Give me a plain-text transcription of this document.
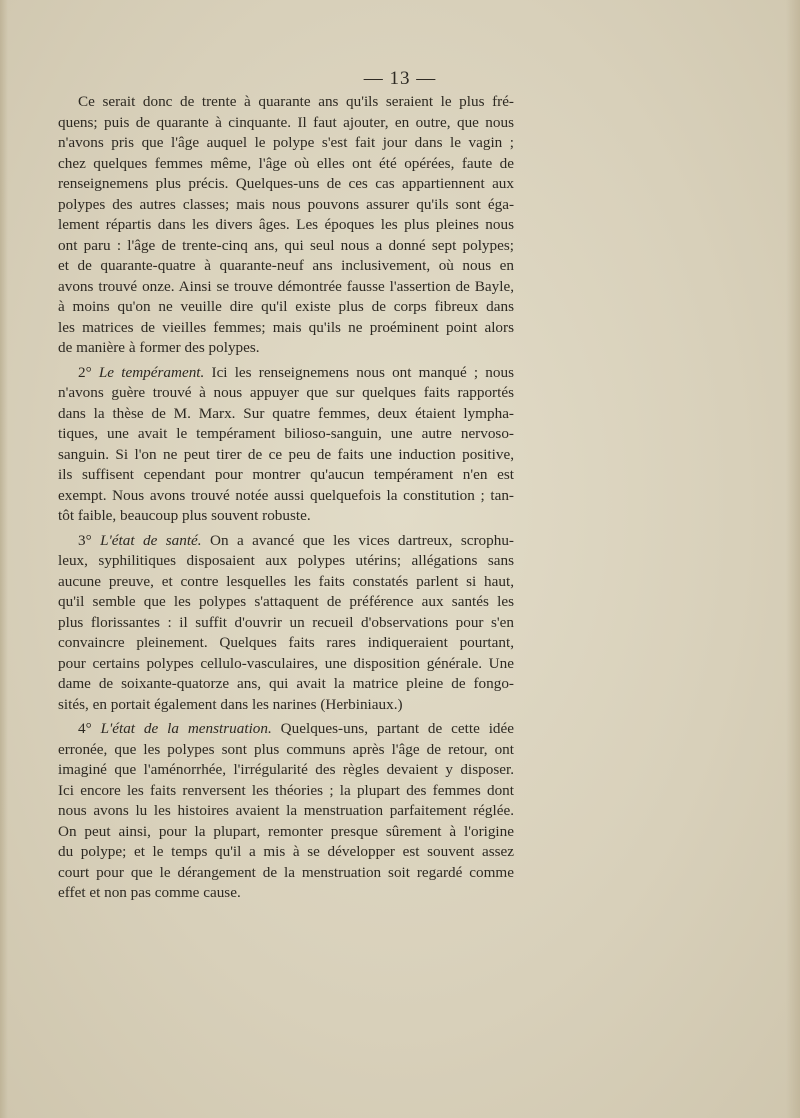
— 13 —

Ce serait donc de trente à quarante ans qu'ils seraient le plus fré-
quens; puis de quarante à cinquante. Il faut ajouter, en outre, que nous
n'avons pris que l'âge auquel le polype s'est fait jour dans le vagin ;
chez quelques femmes même, l'âge où elles ont été opérées, faute de
renseignemens plus précis. Quelques-uns de ces cas appartiennent aux
polypes des autres classes; mais nous pouvons assurer qu'ils sont éga-
lement répartis dans les divers âges. Les époques les plus pleines nous
ont paru : l'âge de trente-cinq ans, qui seul nous a donné sept polypes;
et de quarante-quatre à quarante-neuf ans inclusivement, où nous en
avons trouvé onze. Ainsi se trouve démontrée fausse l'assertion de Bayle,
à moins qu'on ne veuille dire qu'il existe plus de corps fibreux dans
les matrices de vieilles femmes; mais qu'ils ne proéminent point alors
de manière à former des polypes.

2° Le tempérament. Ici les renseignemens nous ont manqué ; nous
n'avons guère trouvé à nous appuyer que sur quelques faits rapportés
dans la thèse de M. Marx. Sur quatre femmes, deux étaient lympha-
tiques, une avait le tempérament bilioso-sanguin, une autre nervoso-
sanguin. Si l'on ne peut tirer de ce peu de faits une induction positive,
ils suffisent cependant pour montrer qu'aucun tempérament n'en est
exempt. Nous avons trouvé notée aussi quelquefois la constitution ; tan-
tôt faible, beaucoup plus souvent robuste.

3° L'état de santé. On a avancé que les vices dartreux, scrophu-
leux, syphilitiques disposaient aux polypes utérins; allégations sans
aucune preuve, et contre lesquelles les faits constatés parlent si haut,
qu'il semble que les polypes s'attaquent de préférence aux santés les
plus florissantes : il suffit d'ouvrir un recueil d'observations pour s'en
convaincre pleinement. Quelques faits rares indiqueraient pourtant,
pour certains polypes cellulo-vasculaires, une disposition générale. Une
dame de soixante-quatorze ans, qui avait la matrice pleine de fongo-
sités, en portait également dans les narines (Herbiniaux.)

4° L'état de la menstruation. Quelques-uns, partant de cette idée
erronée, que les polypes sont plus communs après l'âge de retour, ont
imaginé que l'aménorrhée, l'irrégularité des règles devaient y disposer.
Ici encore les faits renversent les théories ; la plupart des femmes dont
nous avons lu les histoires avaient la menstruation parfaitement réglée.
On peut ainsi, pour la plupart, remonter presque sûrement à l'origine
du polype; et le temps qu'il a mis à se développer est souvent assez
court pour que le dérangement de la menstruation soit regardé comme
effet et non pas comme cause.
